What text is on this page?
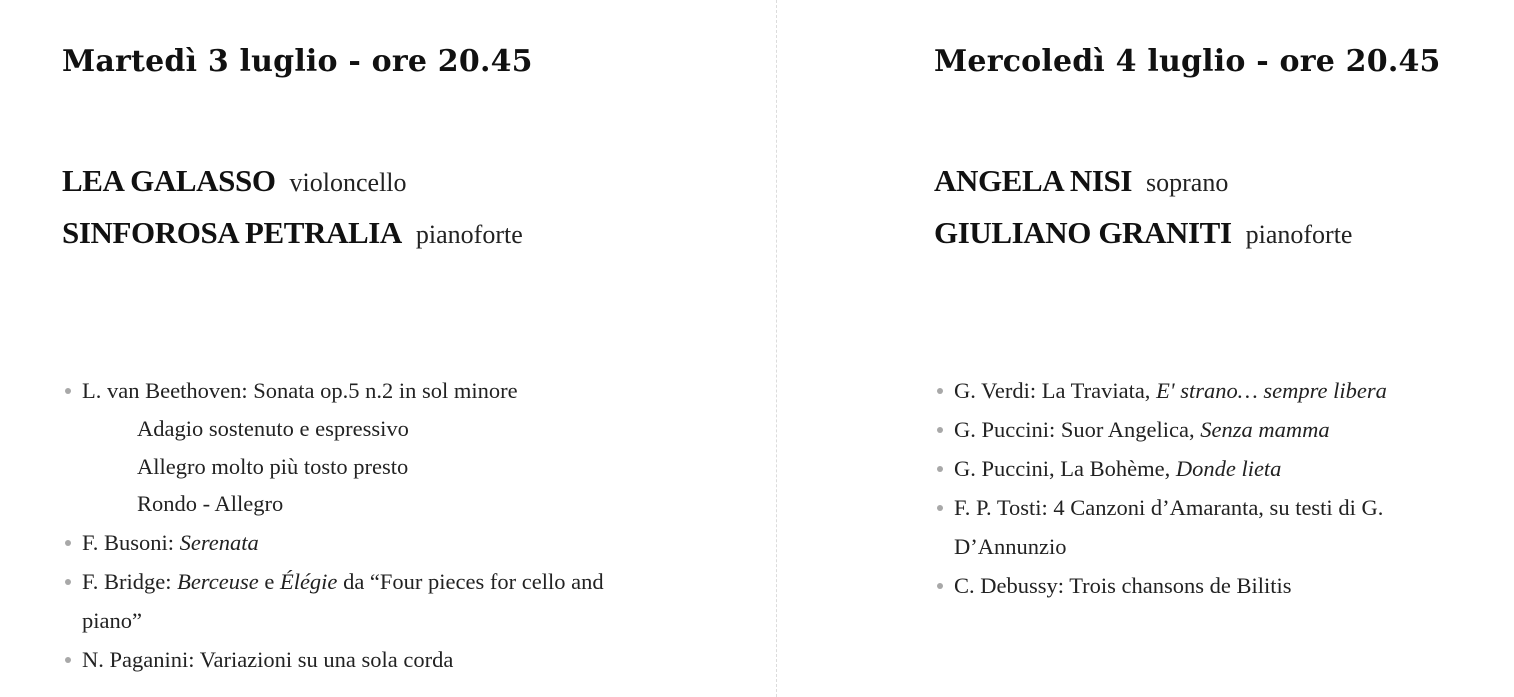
Martedì 3 luglio - ore 20.45
LEA GALASSO violoncello
SINFOROSA PETRALIA pianoforte
L. van Beethoven: Sonata op.5 n.2 in sol minore
Adagio sostenuto e espressivo
Allegro molto più tosto presto
Rondo - Allegro
F. Busoni: Serenata
F. Bridge: Berceuse e Élégie da “Four pieces for cello and piano”
N. Paganini: Variazioni su una sola corda
Mercoledì 4 luglio - ore 20.45
ANGELA NISI soprano
GIULIANO GRANITI pianoforte
G. Verdi: La Traviata, E' strano… sempre libera
G. Puccini: Suor Angelica, Senza mamma
G. Puccini, La Bohème, Donde lieta
F. P. Tosti: 4 Canzoni d’Amaranta, su testi di G. D’Annunzio
C. Debussy: Trois chansons de Bilitis
